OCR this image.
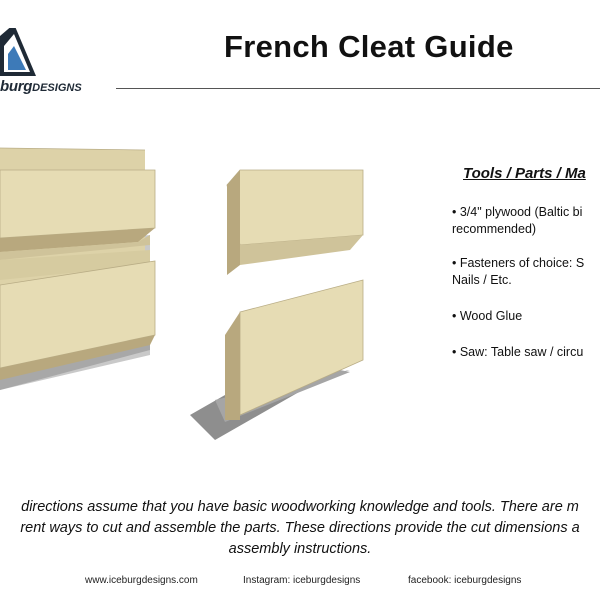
burgDESIGNS
French Cleat Guide
Tools / Parts / Ma
• 3/4" plywood (Baltic bi
recommended)
• Fasteners of choice: S
Nails / Etc.
• Wood Glue
• Saw: Table saw / circu
directions assume that you have basic woodworking knowledge and tools. There are m
rent ways to cut and assemble the parts. These directions provide the cut dimensions a
assembly instructions.
www.iceburgdesigns.com	Instagram: iceburgdesigns	facebook: iceburgdesigns
